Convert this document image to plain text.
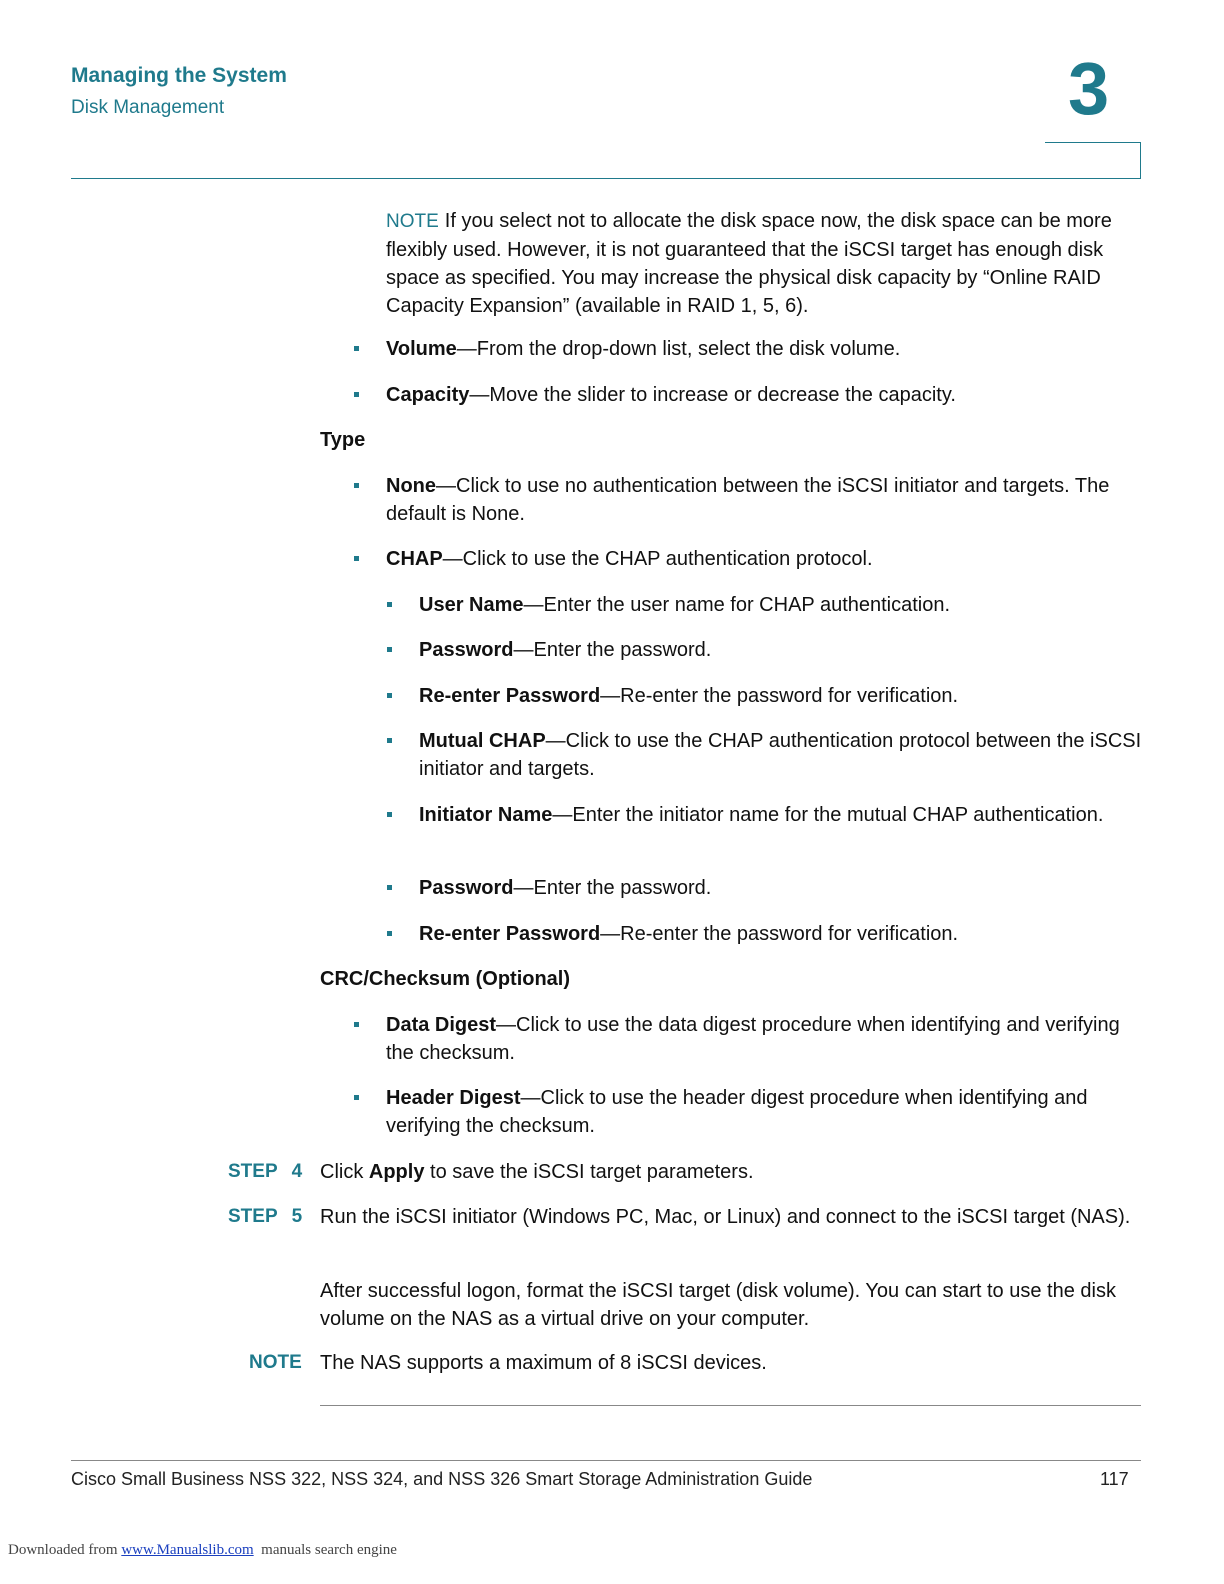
Managing the System
Disk Management	3
NOTE If you select not to allocate the disk space now, the disk space can be more flexibly used. However, it is not guaranteed that the iSCSI target has enough disk space as specified. You may increase the physical disk capacity by “Online RAID Capacity Expansion” (available in RAID 1, 5, 6).
Volume—From the drop-down list, select the disk volume.
Capacity—Move the slider to increase or decrease the capacity.
Type
None—Click to use no authentication between the iSCSI initiator and targets. The default is None.
CHAP—Click to use the CHAP authentication protocol.
User Name—Enter the user name for CHAP authentication.
Password—Enter the password.
Re-enter Password—Re-enter the password for verification.
Mutual CHAP—Click to use the CHAP authentication protocol between the iSCSI initiator and targets.
Initiator Name—Enter the initiator name for the mutual CHAP authentication.
Password—Enter the password.
Re-enter Password—Re-enter the password for verification.
CRC/Checksum (Optional)
Data Digest—Click to use the data digest procedure when identifying and verifying the checksum.
Header Digest—Click to use the header digest procedure when identifying and verifying the checksum.
STEP 4 Click Apply to save the iSCSI target parameters.
STEP 5 Run the iSCSI initiator (Windows PC, Mac, or Linux) and connect to the iSCSI target (NAS).
After successful logon, format the iSCSI target (disk volume). You can start to use the disk volume on the NAS as a virtual drive on your computer.
NOTE The NAS supports a maximum of 8 iSCSI devices.
Cisco Small Business NSS 322, NSS 324, and NSS 326 Smart Storage Administration Guide	117
Downloaded from www.Manualslib.com  manuals search engine
